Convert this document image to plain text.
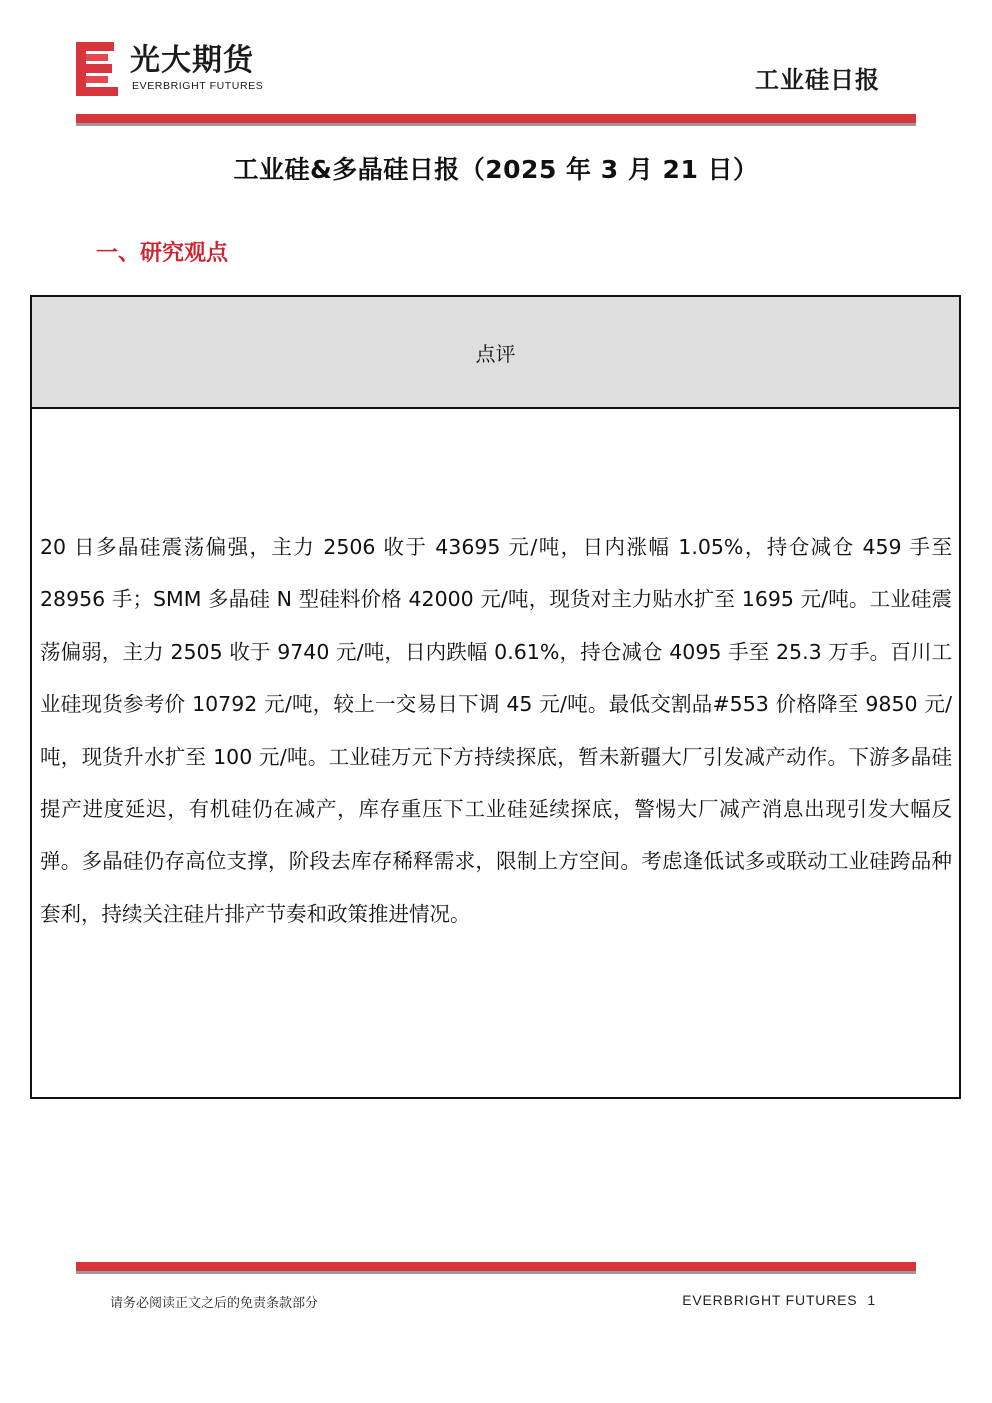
光大期货
EVERBRIGHT FUTURES	工业硅日报
工业硅&多晶硅日报（2025 年 3 月 21 日）
一、研究观点
点评
20 日多晶硅震荡偏强，主力 2506 收于 43695 元/吨，日内涨幅 1.05%，持仓减仓 459 手至 28956 手；SMM 多晶硅 N 型硅料价格 42000 元/吨，现货对主力贴水扩至 1695 元/吨。工业硅震荡偏弱，主力 2505 收于 9740 元/吨，日内跌幅 0.61%，持仓减仓 4095 手至 25.3 万手。百川工业硅现货参考价 10792 元/吨，较上一交易日下调 45 元/吨。最低交割品#553 价格降至 9850 元/吨，现货升水扩至 100 元/吨。工业硅万元下方持续探底，暂未新疆大厂引发减产动作。下游多晶硅提产进度延迟，有机硅仍在减产，库存重压下工业硅延续探底，警惕大厂减产消息出现引发大幅反弹。多晶硅仍存高位支撑，阶段去库存稀释需求，限制上方空间。考虑逢低试多或联动工业硅跨品种套利，持续关注硅片排产节奏和政策推进情况。
请务必阅读正文之后的免责条款部分	EVERBRIGHT FUTURES 1
